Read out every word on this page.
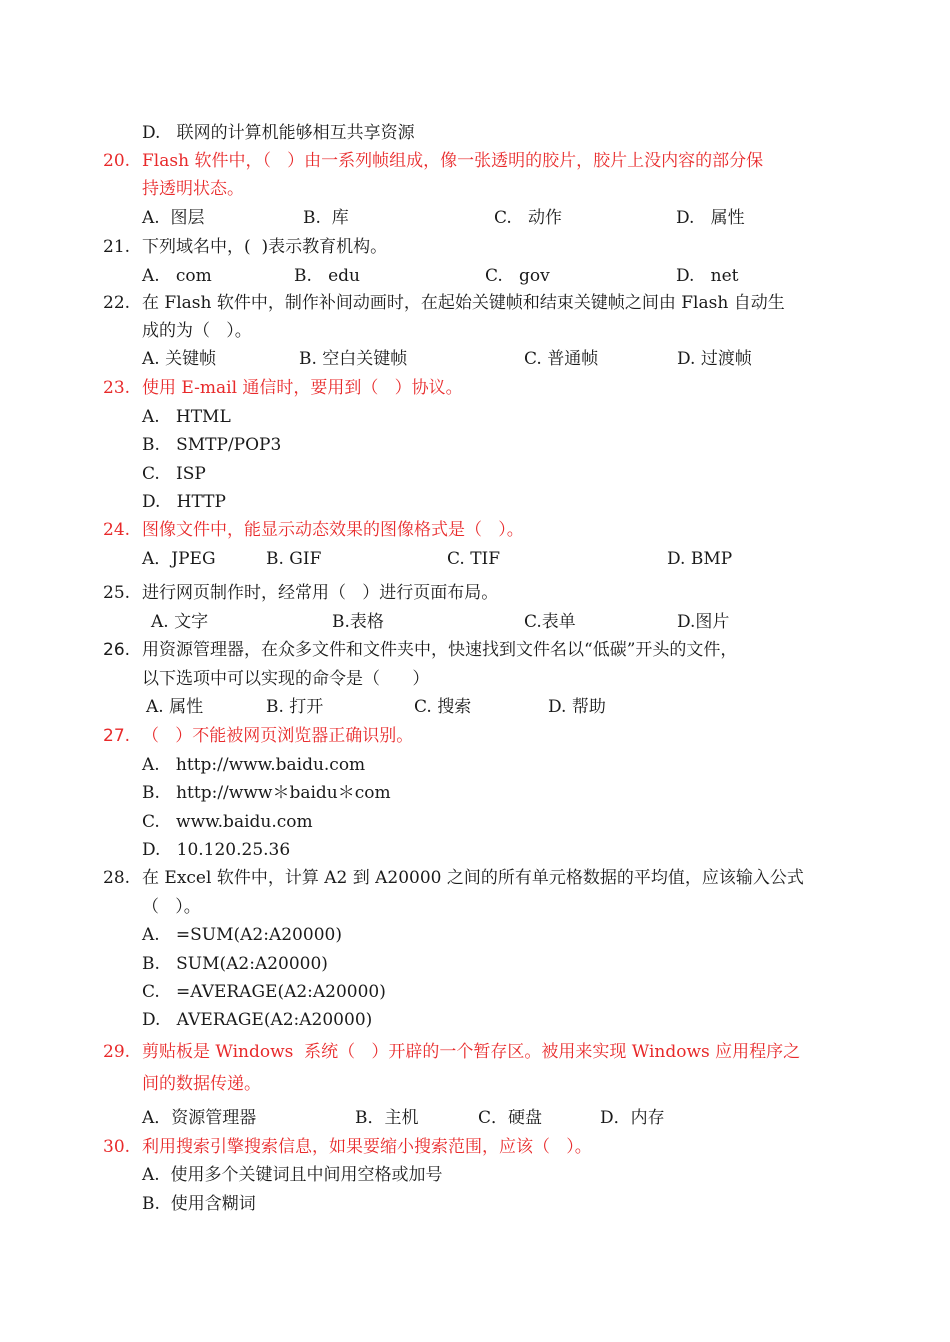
D.   联网的计算机能够相互共享资源
20. Flash 软件中，（   ）由一系列帧组成，像一张透明的胶片，胶片上没内容的部分保
持透明状态。
A.  图层	B.  库	C.   动作	D.   属性
21. 下列域名中，(  )表示教育机构。
A.   com	B.   edu	C.   gov	D.   net
22. 在 Flash 软件中，制作补间动画时，在起始关键帧和结束关键帧之间由 Flash 自动生
成的为（   ）。
A. 关键帧	B. 空白关键帧	C. 普通帧	D. 过渡帧
23. 使用 E-mail 通信时，要用到（   ）协议。
A.   HTML
B.   SMTP/POP3
C.   ISP
D.   HTTP
24. 图像文件中，能显示动态效果的图像格式是（   ）。
A．JPEG	B. GIF	C. TIF	D. BMP
25. 进行网页制作时，经常用（   ）进行页面布局。
A. 文字	B.表格	C.表单	D.图片
26. 用资源管理器，在众多文件和文件夹中，快速找到文件名以“低碳”开头的文件，
以下选项中可以实现的命令是（      ）
A. 属性	B. 打开	C. 搜索	D. 帮助
27. （   ）不能被网页浏览器正确识别。
A.   http://www.baidu.com
B.   http://www＊baidu＊com
C.   www.baidu.com
D.   10.120.25.36
28. 在 Excel 软件中，计算 A2 到 A20000 之间的所有单元格数据的平均值，应该输入公式
（   ）。
A.   =SUM(A2:A20000)
B.   SUM(A2:A20000)
C.   =AVERAGE(A2:A20000)
D.   AVERAGE(A2:A20000)
29. 剪贴板是 Windows  系统（   ）开辟的一个暂存区。被用来实现 Windows 应用程序之
间的数据传递。
A．资源管理器	B．主机	C．硬盘	D．内存
30. 利用搜索引擎搜索信息，如果要缩小搜索范围，应该（   ）。
A.  使用多个关键词且中间用空格或加号
B.  使用含糊词
